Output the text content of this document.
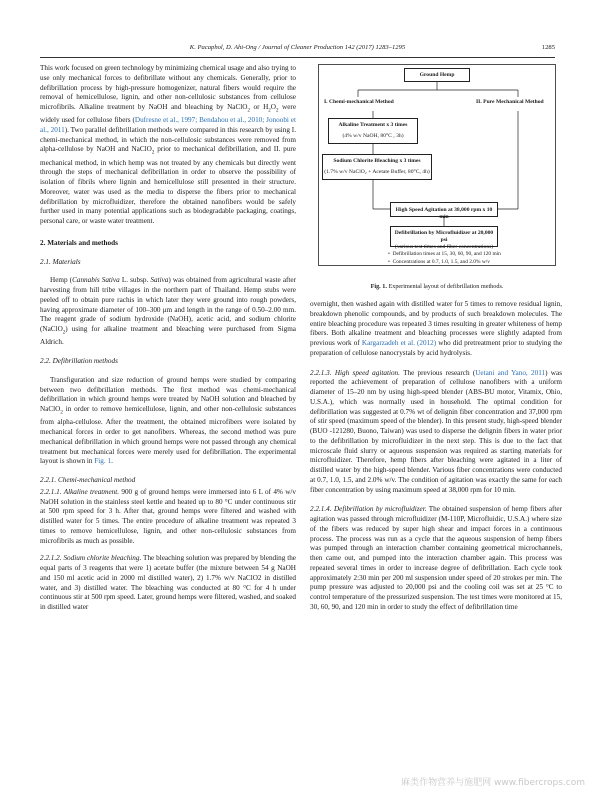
K. Pacaphol, D. Aht-Ong / Journal of Cleaner Production 142 (2017) 1283–1295	1285

This work focused on green technology by minimizing chemical usage and also trying to use only mechanical forces to defibrillate without any chemicals. Generally, prior to defibrillation process by high-pressure homogenizer, natural fibers would require the removal of hemicellulose, lignin, and other non-cellulosic substances from cellulose microfibrils. Alkaline treatment by NaOH and bleaching by NaClO$_2$ or $H_2O_2$ were widely used for cellulose fibers (Dufresne et al., 1997; Bendahou et al., 2010; Jonoobi et al., 2011). Two parallel defibrillation methods were compared in this research by using I. chemi-mechanical method, in which the non-cellulosic substances were removed from alpha-cellulose by NaOH and NaClO$_2$ prior to mechanical defibrillation, and II. pure mechanical method, in which hemp was not treated by any chemicals but directly went through the steps of mechanical defibrillation in order to observe the possibility of isolation of fibrils where lignin and hemicellulose still presented in their structure. Moreover, water was used as the media to disperse the fibers prior to mechanical defibrillation by microfluidizer, therefore the obtained nanofibers would be safely further used in many potential applications such as biodegradable packaging, coatings, personal care, or waste water treatment.

2. Materials and methods

2.1. Materials

Hemp (Cannabis Sativa L. subsp. Sativa) was obtained from agricultural waste after harvesting from hill tribe villages in the northern part of Thailand. Hemp stubs were peeled off to obtain pure rachis in which later they were ground into rough powders, having approximate diameter of 100–300 μm and length in the range of 0.50–2.00 mm. The reagent grade of sodium hydroxide (NaOH), acetic acid, and sodium chlorite (NaClO$_2$) using for alkaline treatment and bleaching were purchased from Sigma Aldrich.

2.2. Defibrillation methods

Transfiguration and size reduction of ground hemps were studied by comparing between two defibrillation methods. The first method was chemi-mechanical defibrillation in which ground hemps were treated by NaOH solution and bleached by NaClO$_2$ in order to remove hemicellulose, lignin, and other non-cellulosic substances from alpha-cellulose. After the treatment, the obtained microfibers were isolated by mechanical forces in order to get nanofibers. Whereas, the second method was pure mechanical defibrillation in which ground hemps were not passed through any chemical treatment but mechanical forces were merely used for defibrillation. The experimental layout is shown in Fig. 1.

2.2.1. Chemi-mechanical method

2.2.1.1. Alkaline treatment. 900 g of ground hemps were immersed into 6 L of 4% w/v NaOH solution in the stainless steel kettle and heated up to 80 °C under continuous stir at 500 rpm speed for 3 h. After that, ground hemps were filtered and washed with distilled water for 5 times. The entire procedure of alkaline treatment was repeated 3 times to remove hemicellulose, lignin, and other non-cellulosic substances from microfibrils as much as possible.

2.2.1.2. Sodium chlorite bleaching. The bleaching solution was prepared by blending the equal parts of 3 reagents that were 1) acetate buffer (the mixture between 54 g NaOH and 150 ml acetic acid in 2000 ml distilled water), 2) 1.7% w/v NaClO2 in distilled water, and 3) distilled water. The bleaching was conducted at 80 °C for 4 h under continuous stir at 500 rpm speed. Later, ground hemps were filtered, washed, and soaked in distilled water

Ground Hemp
I. Chemi-mechanical Method	II. Pure Mechanical Method
Alkaline Treatment x 3 times
(4% w/v NaOH, 80°C , 3h)
Sodium Chlorite Bleaching x 3 times
(1.7% w/v NaClO₂ + Acetate Buffer, 80°C, 4h)
High Speed Agitation at 38,000 rpm x 10 min
Defibrillation by Microfluidizer at 20,000 psi
(various test times and fiber concentrations)
•  Defibrillation times at 15, 30, 60, 90, and 120 min
•  Concentrations at 0.7, 1.0, 1.5, and 2.0% w/v
Fig. 1. Experimental layout of defibrillation methods.

overnight, then washed again with distilled water for 5 times to remove residual lignin, breakdown phenolic compounds, and by products of such breakdown molecules. The entire bleaching procedure was repeated 3 times resulting in greater whiteness of hemp fibers. Both alkaline treatment and bleaching processes were slightly adapted from previous work of Kargarzadeh et al. (2012) who did pretreatment prior to studying the preparation of cellulose nanocrystals by acid hydrolysis.

2.2.1.3. High speed agitation. The previous research (Uetani and Yano, 2011) was reported the achievement of preparation of cellulose nanofibers with a uniform diameter of 15–20 nm by using high-speed blender (ABS-BU motor, Vitamix, Ohio, U.S.A.), which was normally used in household. The optimal condition for defibrillation was suggested at 0.7% wt of delignin fiber concentration and 37,000 rpm of stir speed (maximum speed of the blender). In this present study, high-speed blender (BUO -121280, Buono, Taiwan) was used to disperse the delignin fibers in water prior to the defibrillation by microfluidizer in the next step. This is due to the fact that microscale fluid slurry or aqueous suspension was required as starting materials for microfluidizer. Therefore, hemp fibers after bleaching were agitated in a liter of distilled water by the high-speed blender. Various fiber concentrations were conducted at 0.7, 1.0, 1.5, and 2.0% w/v. The condition of agitation was exactly the same for each fiber concentration by using maximum speed at 38,000 rpm for 10 min.

2.2.1.4. Defibrillation by microfluidizer. The obtained suspension of hemp fibers after agitation was passed through microfluidizer (M-110P, Microfluidic, U.S.A.) where size of the fibers was reduced by super high shear and impact forces in a continuous process. The process was run as a cycle that the aqueous suspension of hemp fibers was pumped through an interaction chamber containing geometrical microchannels, then came out, and pumped into the interaction chamber again. This process was repeated several times in order to increase degree of defibrillation. Each cycle took approximately 2:30 min per 200 ml suspension under speed of 20 strokes per min. The pump pressure was adjusted to 20,000 psi and the cooling coil was set at 25 °C to control temperature of the pressurized suspension. The test times were monitored at 15, 30, 60, 90, and 120 min in order to study the effect of defibrillation time

麻类作物营养与施肥网 www.fibercrops.com
